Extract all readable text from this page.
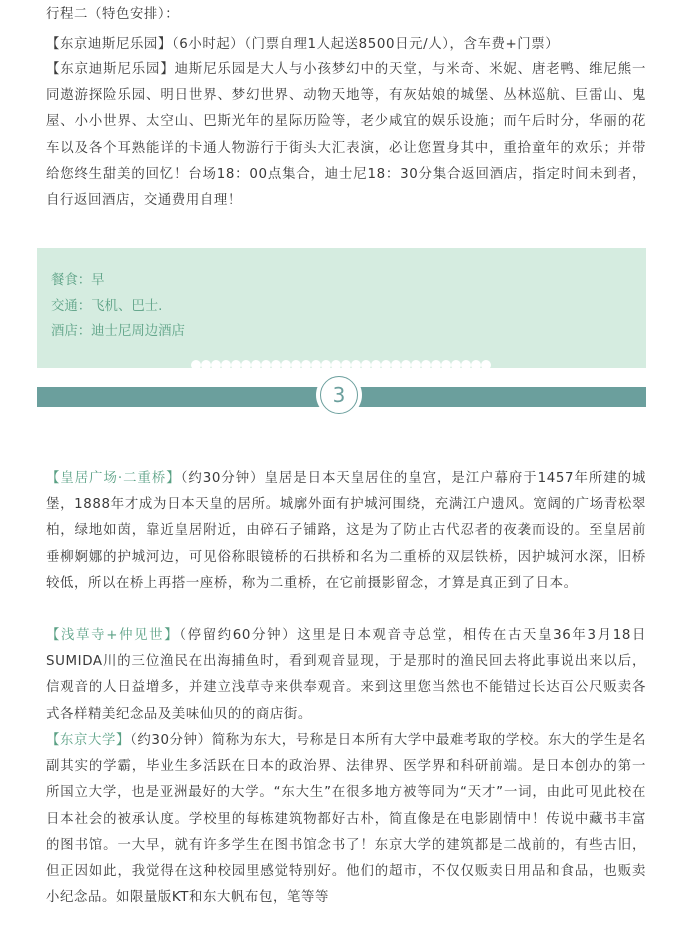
行程二（特色安排）：

【东京迪斯尼乐园】（6小时起）（门票自理1人起送8500日元/人），含车费+门票）

【东京迪斯尼乐园】迪斯尼乐园是大人与小孩梦幻中的天堂，与米奇、米妮、唐老鸭、维尼熊一同遨游探险乐园、明日世界、梦幻世界、动物天地等，有灰姑娘的城堡、丛林巡航、巨雷山、鬼屋、小小世界、太空山、巴斯光年的星际历险等，老少咸宜的娱乐设施；而午后时分，华丽的花车以及各个耳熟能详的卡通人物游行于街头大汇表演，必让您置身其中，重拾童年的欢乐；并带给您终生甜美的回忆！台场18：00点集合，迪士尼18：30分集合返回酒店，指定时间未到者，自行返回酒店，交通费用自理！

餐食：早
交通：飞机、巴士.
酒店：迪士尼周边酒店
3

【皇居广场·二重桥】（约30分钟）皇居是日本天皇居住的皇宫，是江户幕府于1457年所建的城堡，1888年才成为日本天皇的居所。城廓外面有护城河围绕，充满江户遗风。宽阔的广场青松翠柏，绿地如茵，靠近皇居附近，由碎石子铺路，这是为了防止古代忍者的夜袭而设的。至皇居前垂柳婀娜的护城河边，可见俗称眼镜桥的石拱桥和名为二重桥的双层铁桥，因护城河水深，旧桥较低，所以在桥上再搭一座桥，称为二重桥，在它前摄影留念，才算是真正到了日本。

【浅草寺+仲见世】（停留约60分钟）这里是日本观音寺总堂，相传在古天皇36年3月18日SUMIDA川的三位渔民在出海捕鱼时，看到观音显现，于是那时的渔民回去将此事说出来以后，信观音的人日益增多，并建立浅草寺来供奉观音。来到这里您当然也不能错过长达百公尺贩卖各式各样精美纪念品及美味仙贝的的商店街。

【东京大学】（约30分钟）简称为东大，号称是日本所有大学中最难考取的学校。东大的学生是名副其实的学霸，毕业生多活跃在日本的政治界、法律界、医学界和科研前端。是日本创办的第一所国立大学，也是亚洲最好的大学。“东大生”在很多地方被等同为“天才”一词，由此可见此校在日本社会的被承认度。学校里的每栋建筑物都好古朴，简直像是在电影剧情中！传说中藏书丰富的图书馆。一大早，就有许多学生在图书馆念书了！东京大学的建筑都是二战前的，有些古旧，但正因如此，我觉得在这种校园里感觉特别好。他们的超市，不仅仅贩卖日用品和食品，也贩卖小纪念品。如限量版KT和东大帆布包，笔等等
